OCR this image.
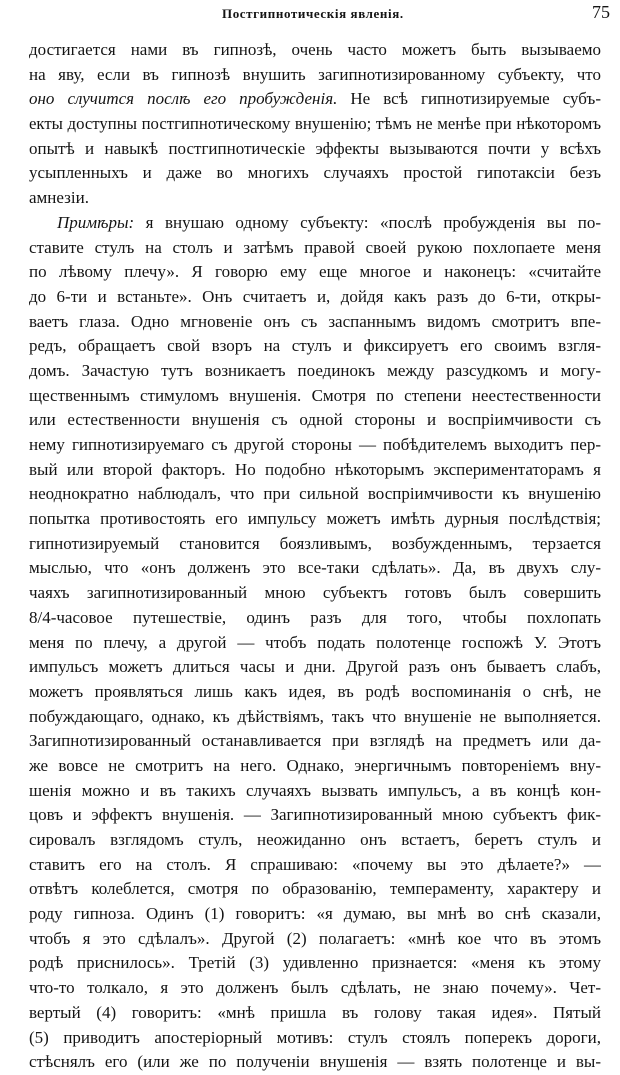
Постгипнотическія явленія.	75
достигается нами въ гипнозѣ, очень часто можетъ быть вызываемо
на яву, если въ гипнозѣ внушить загипнотизированному субъекту, что
оно случится послѣ его пробужденія. Не всѣ гипнотизируемые субъ-
екты доступны постгипнотическому внушенію; тѣмъ не менѣе при нѣкоторомъ
опытѣ и навыкѣ постгипнотическіе эффекты вызываются почти у всѣхъ
усыпленныхъ и даже во многихъ случаяхъ простой гипотаксіи безъ
амнезіи.
Примѣры: я внушаю одному субъекту: «послѣ пробужденія вы по-
ставите стулъ на столъ и затѣмъ правой своей рукою похлопаете меня
по лѣвому плечу». Я говорю ему еще многое и наконецъ: «считайте
до 6-ти и встаньте». Онъ считаетъ и, дойдя какъ разъ до 6-ти, откры-
ваетъ глаза. Одно мгновеніе онъ съ заспаннымъ видомъ смотритъ впе-
редъ, обращаетъ свой взоръ на стулъ и фиксируетъ его своимъ взгля-
домъ. Зачастую тутъ возникаетъ поединокъ между разсудкомъ и могу-
щественнымъ стимуломъ внушенія. Смотря по степени неестественности
или естественности внушенія съ одной стороны и воспріимчивости съ
нему гипнотизируемаго съ другой стороны — побѣдителемъ выходитъ пер-
вый или второй факторъ. Но подобно нѣкоторымъ экспериментаторамъ я
неоднократно наблюдалъ, что при сильной воспріимчивости къ внушенію
попытка противостоять его импульсу можетъ имѣть дурныя послѣдствія;
гипнотизируемый становится боязливымъ, возбужденнымъ, терзается
мыслью, что «онъ долженъ это все-таки сдѣлать». Да, въ двухъ слу-
чаяхъ загипнотизированный мною субъектъ готовъ былъ совершить
8/4-часовое путешествіе, одинъ разъ для того, чтобы похлопать
меня по плечу, а другой — чтобъ подать полотенце госпожѣ У. Этотъ
импульсъ можетъ длиться часы и дни. Другой разъ онъ бываетъ слабъ,
можетъ проявляться лишь какъ идея, въ родѣ воспоминанія о снѣ, не
побуждающаго, однако, къ дѣйствіямъ, такъ что внушеніе не выполняется.
Загипнотизированный останавливается при взглядѣ на предметъ или да-
же вовсе не смотритъ на него. Однако, энергичнымъ повтореніемъ вну-
шенія можно и въ такихъ случаяхъ вызвать импульсъ, а въ концѣ кон-
цовъ и эффектъ внушенія. — Загипнотизированный мною субъектъ фик-
сировалъ взглядомъ стулъ, неожиданно онъ встаетъ, беретъ стулъ и
ставитъ его на столъ. Я спрашиваю: «почему вы это дѣлаете?» —
отвѣтъ колеблется, смотря по образованію, темпераменту, характеру и
роду гипноза. Одинъ (1) говоритъ: «я думаю, вы мнѣ во снѣ сказали,
чтобъ я это сдѣлалъ». Другой (2) полагаетъ: «мнѣ кое что въ этомъ
родѣ приснилось». Третій (3) удивленно признается: «меня къ этому
что-то толкало, я это долженъ былъ сдѣлать, не знаю почему». Чет-
вертый (4) говоритъ: «мнѣ пришла въ голову такая идея». Пятый
(5) приводитъ апостеріорный мотивъ: стулъ стоялъ поперекъ дороги,
стѣснялъ его (или же по полученіи внушенія — взять полотенце и вы-
